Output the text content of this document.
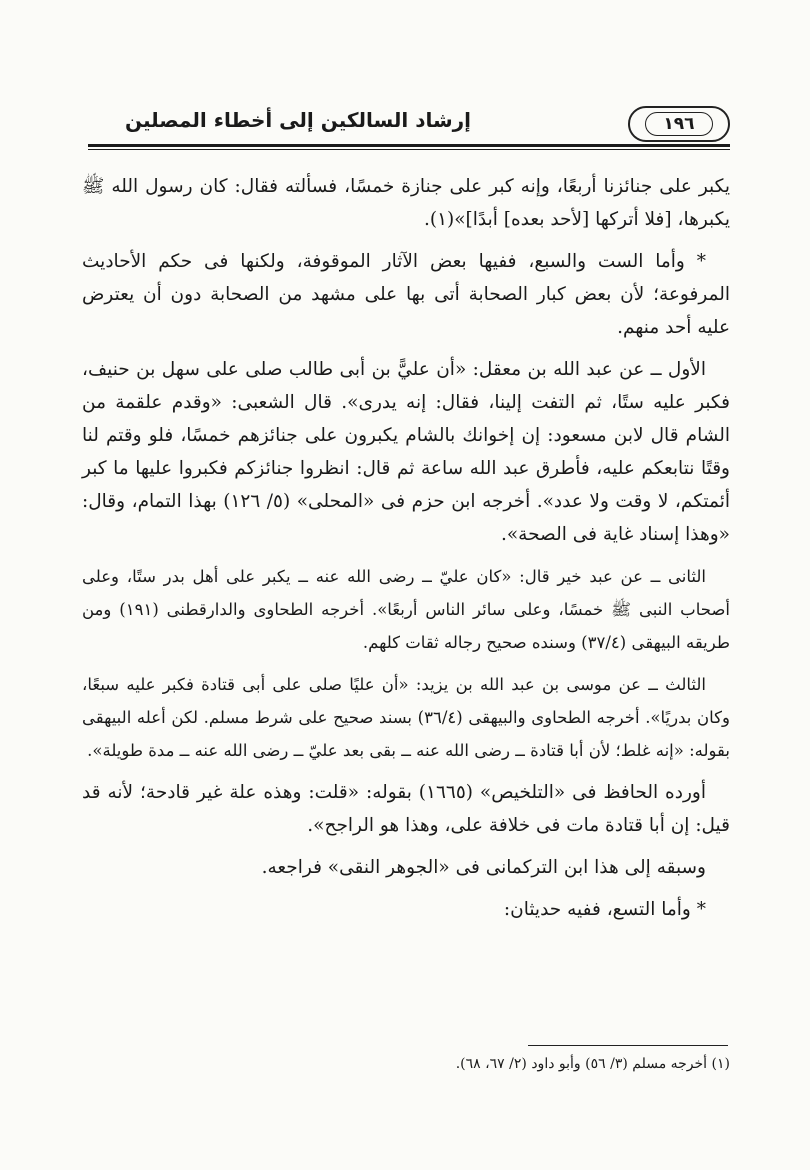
إرشاد السالكين إلى أخطاء المصلين	١٩٦

يكبر على جنائزنا أربعًا، وإنه كبر على جنازة خمسًا، فسألته فقال: كان رسول الله ﷺ يكبرها، [فلا أتركها [لأحد بعده] أبدًا]»(١).

* وأما الست والسبع، ففيها بعض الآثار الموقوفة، ولكنها فى حكم الأحاديث المرفوعة؛ لأن بعض كبار الصحابة أتى بها على مشهد من الصحابة دون أن يعترض عليه أحد منهم.

الأول ــ عن عبد الله بن معقل: «أن عليًّ بن أبى طالب صلى على سهل بن حنيف، فكبر عليه ستًا، ثم التفت إلينا، فقال: إنه يدرى». قال الشعبى: «وقدم علقمة من الشام قال لابن مسعود: إن إخوانك بالشام يكبرون على جنائزهم خمسًا، فلو وقتم لنا وقتًا نتابعكم عليه، فأطرق عبد الله ساعة ثم قال: انظروا جنائزكم فكبروا عليها ما كبر أئمتكم، لا وقت ولا عدد». أخرجه ابن حزم فى «المحلى» (٥/ ١٢٦) بهذا التمام، وقال: «وهذا إسناد غاية فى الصحة».

الثانى ــ عن عبد خير قال: «كان عليّ ــ رضى الله عنه ــ يكبر على أهل بدر ستًا، وعلى أصحاب النبى ﷺ خمسًا، وعلى سائر الناس أربعًا». أخرجه الطحاوى والدارقطنى (١٩١) ومن طريقه البيهقى (٣٧/٤) وسنده صحيح رجاله ثقات كلهم.

الثالث ــ عن موسى بن عبد الله بن يزيد: «أن عليًا صلى على أبى قتادة فكبر عليه سبعًا، وكان بدريًا». أخرجه الطحاوى والبيهقى (٣٦/٤) بسند صحيح على شرط مسلم. لكن أعله البيهقى بقوله: «إنه غلط؛ لأن أبا قتادة ــ رضى الله عنه ــ بقى بعد عليّ ــ رضى الله عنه ــ مدة طويلة».

أورده الحافظ فى «التلخيص» (١٦٦٥) بقوله: «قلت: وهذه علة غير قادحة؛ لأنه قد قيل: إن أبا قتادة مات فى خلافة على، وهذا هو الراجح».

وسبقه إلى هذا ابن التركمانى فى «الجوهر النقى» فراجعه.

* وأما التسع، ففيه حديثان:

(١) أخرجه مسلم (٣/ ٥٦) وأبو داود (٢/ ٦٧، ٦٨).
